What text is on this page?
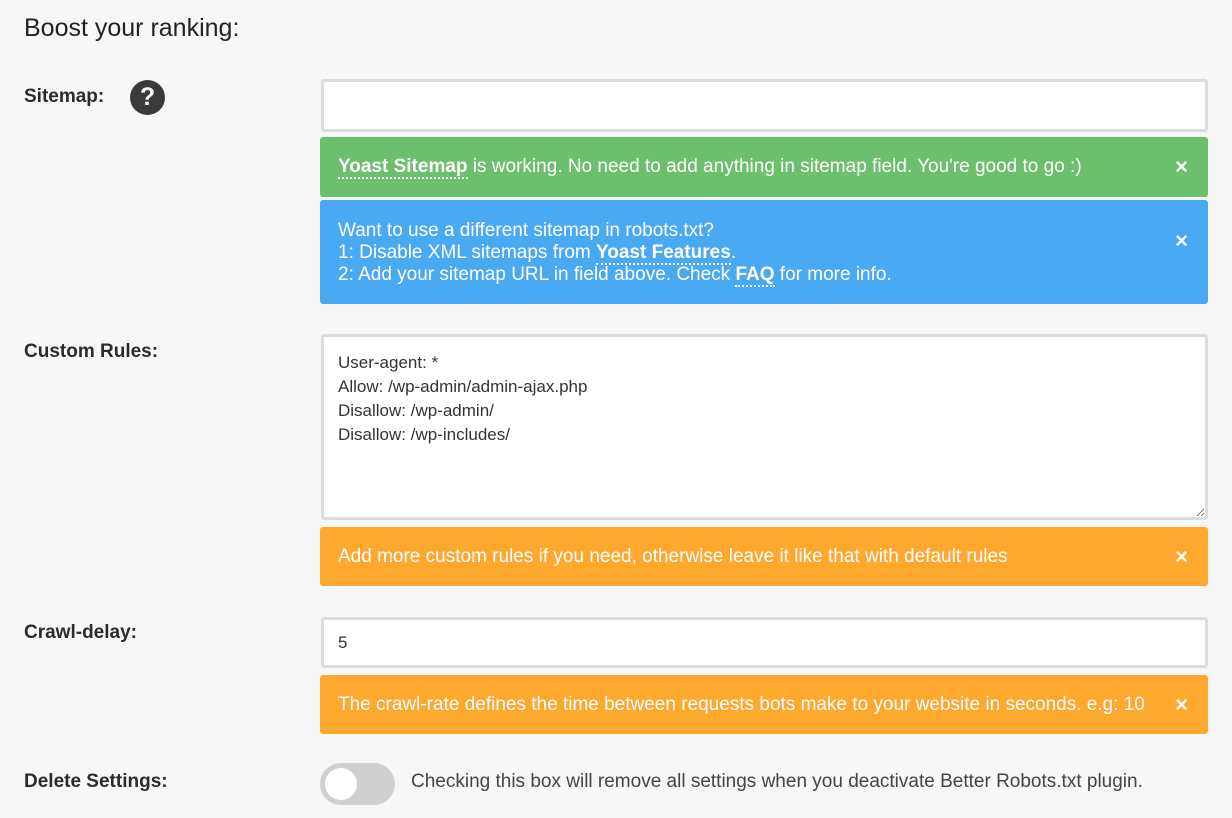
Boost your ranking:
Sitemap:	?
Yoast Sitemap is working. No need to add anything in sitemap field. You're good to go :)	×
Want to use a different sitemap in robots.txt?
1: Disable XML sitemaps from Yoast Features.
2: Add your sitemap URL in field above. Check FAQ for more info.
×
Custom Rules:
User-agent: * Allow: /wp-admin/admin-ajax.php Disallow: /wp-admin/ Disallow: /wp-includes/
Add more custom rules if you need, otherwise leave it like that with default rules	×
Crawl-delay:
5
The crawl-rate defines the time between requests bots make to your website in seconds. e.g: 10 ×
Delete Settings:	Checking this box will remove all settings when you deactivate Better Robots.txt plugin.
